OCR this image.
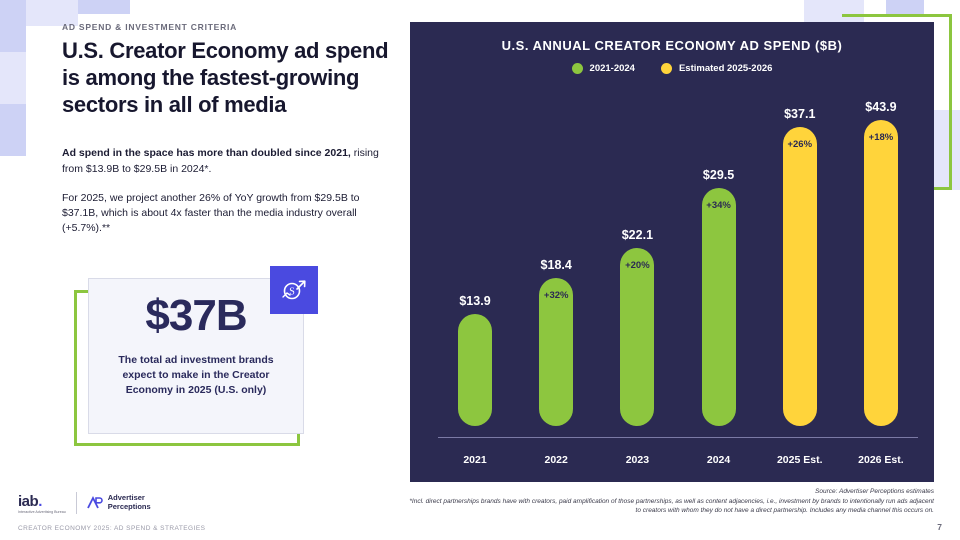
AD SPEND & INVESTMENT CRITERIA
U.S. Creator Economy ad spend is among the fastest-growing sectors in all of media

Ad spend in the space has more than doubled since 2021, rising from $13.9B to $29.5B in 2024*.

For 2025, we project another 26% of YoY growth from $29.5B to $37.1B, which is about 4x faster than the media industry overall (+5.7%).**

$37B
The total ad investment brands expect to make in the Creator Economy in 2025 (U.S. only)
S
U.S. ANNUAL CREATOR ECONOMY AD SPEND ($B)
2021-2024	Estimated 2025-2026
$13.9
$18.4
+32%
$22.1
+20%
$29.5
+34%
$37.1
+26%
$43.9
+18%
2021	2022	2023	2024	2025 Est.	2026 Est.
Source: Advertiser Perceptions estimates
*Incl. direct partnerships brands have with creators, paid amplification of those partnerships, as well as content adjacencies, i.e., investment by brands to intentionally run ads adjacent to creators with whom they do not have a direct partnership. Includes any media channel this occurs on.
iab.
Interactive Advertising Bureau
Advertiser
Perceptions
CREATOR ECONOMY 2025: AD SPEND & STRATEGIES	7
